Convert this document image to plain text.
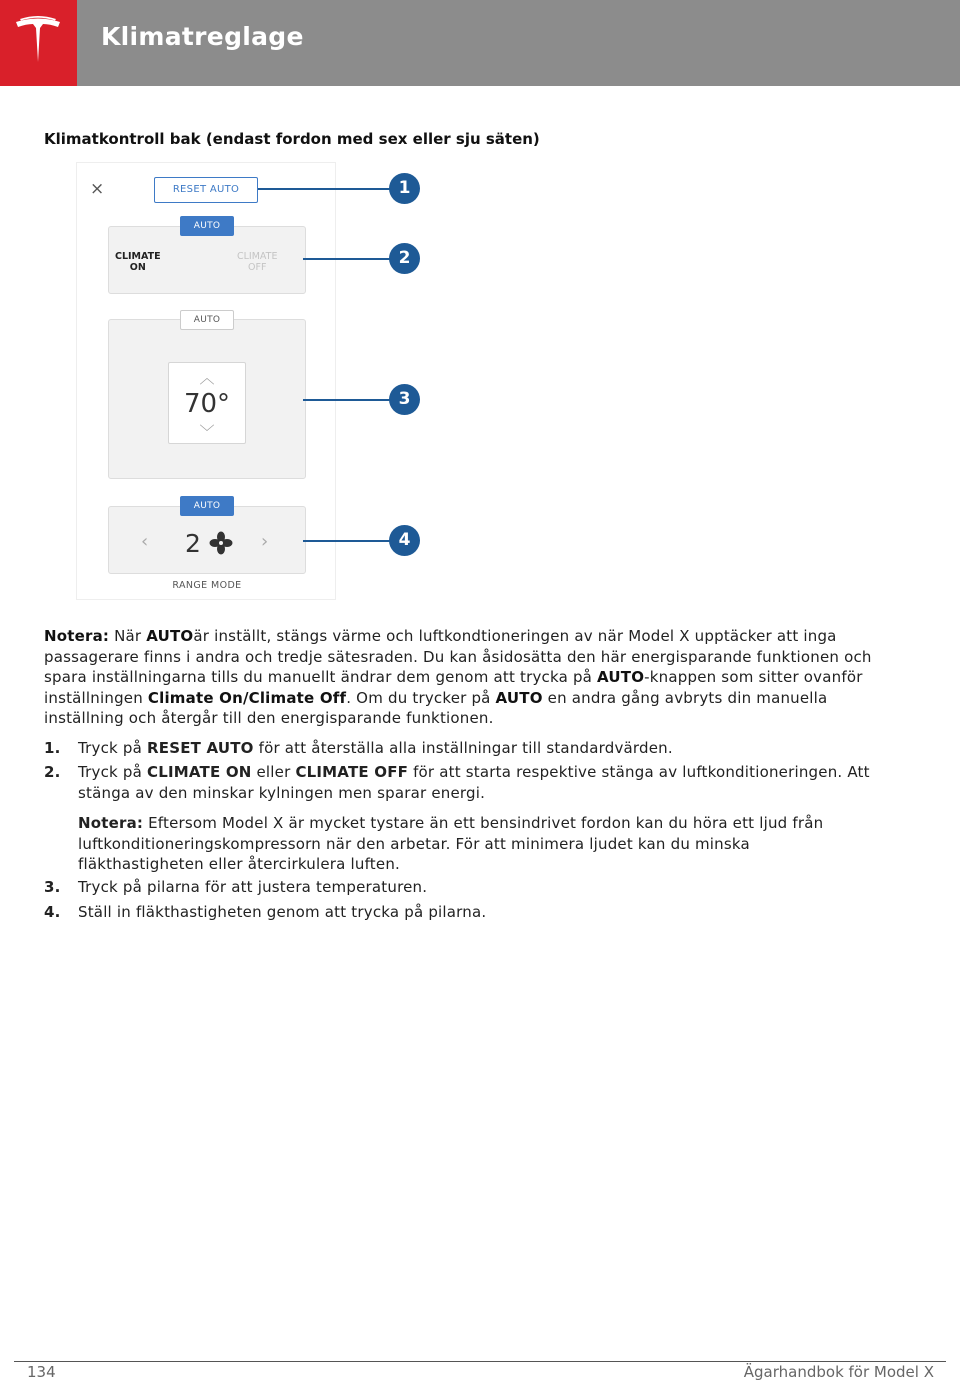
Klimatreglage
Klimatkontroll bak (endast fordon med sex eller sju säten)
×	RESET AUTO
AUTO
CLIMATE
ON
CLIMATE
OFF
AUTO
︿
70°
﹀
AUTO
‹ 2	›
RANGE MODE
1
2
3
4
Notera: När AUTOär inställt, stängs värme och luftkondtioneringen av när Model X upptäcker att inga passagerare finns i andra och tredje sätesraden. Du kan åsidosätta den här energisparande funktionen och spara inställningarna tills du manuellt ändrar dem genom att trycka på AUTO-knappen som sitter ovanför inställningen Climate On/Climate Off. Om du trycker på AUTO en andra gång avbryts din manuella inställning och återgår till den energisparande funktionen.
1. Tryck på RESET AUTO för att återställa alla inställningar till standardvärden.
2. Tryck på CLIMATE ON eller CLIMATE OFF för att starta respektive stänga av luftkonditioneringen. Att stänga av den minskar kylningen men sparar energi.
Notera: Eftersom Model X är mycket tystare än ett bensindrivet fordon kan du höra ett ljud från luftkonditioneringskompressorn när den arbetar. För att minimera ljudet kan du minska fläkthastigheten eller återcirkulera luften.
3. Tryck på pilarna för att justera temperaturen.
4. Ställ in fläkthastigheten genom att trycka på pilarna.
134	Ägarhandbok för Model X
